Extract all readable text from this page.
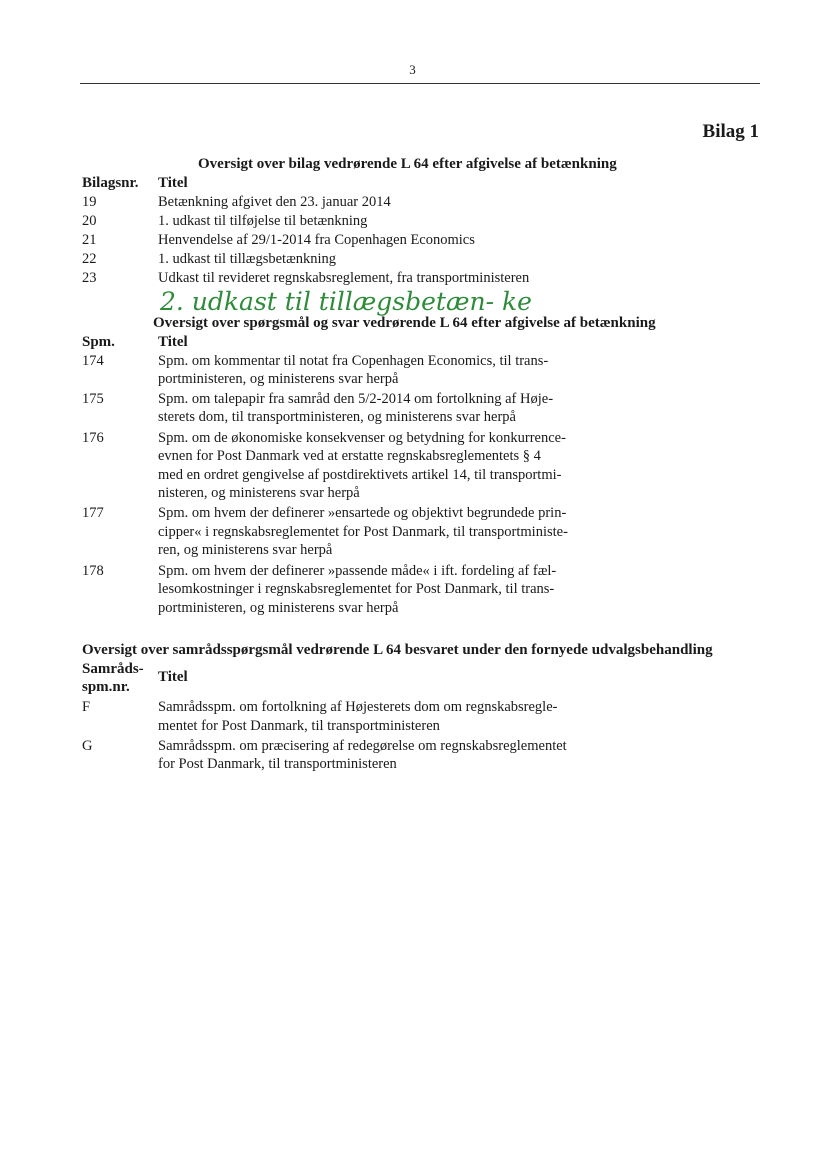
3
Bilag 1
Oversigt over bilag vedrørende L 64 efter afgivelse af betænkning
Bilagsnr. Titel
19	Betænkning afgivet den 23. januar 2014
20	1. udkast til tilføjelse til betænkning
21	Henvendelse af 29/1-2014 fra Copenhagen Economics
22	1. udkast til tillægsbetænkning
23	Udkast til revideret regnskabsreglement, fra transportministeren
2. udkast til tillægsbetæn- ke
Oversigt over spørgsmål og svar vedrørende L 64 efter afgivelse af betænkning
Spm.	Titel
174	Spm. om kommentar til notat fra Copenhagen Economics, til trans-
portministeren, og ministerens svar herpå
175	Spm. om talepapir fra samråd den 5/2-2014 om fortolkning af Høje-
sterets dom, til transportministeren, og ministerens svar herpå
176	Spm. om de økonomiske konsekvenser og betydning for konkurrence-
evnen for Post Danmark ved at erstatte regnskabsreglementets § 4
med en ordret gengivelse af postdirektivets artikel 14, til transportmi-
nisteren, og ministerens svar herpå
177	Spm. om hvem der definerer »ensartede og objektivt begrundede prin-
cipper« i regnskabsreglementet for Post Danmark, til transportministe-
ren, og ministerens svar herpå
178	Spm. om hvem der definerer »passende måde« i ift. fordeling af fæl-
lesomkostninger i regnskabsreglementet for Post Danmark, til trans-
portministeren, og ministerens svar herpå
Oversigt over samrådsspørgsmål vedrørende L 64 besvaret under den fornyede udvalgsbehandling
Samråds-
spm.nr.
Titel
F	Samrådsspm. om fortolkning af Højesterets dom om regnskabsregle-
mentet for Post Danmark, til transportministeren
G	Samrådsspm. om præcisering af redegørelse om regnskabsreglementet
for Post Danmark, til transportministeren
